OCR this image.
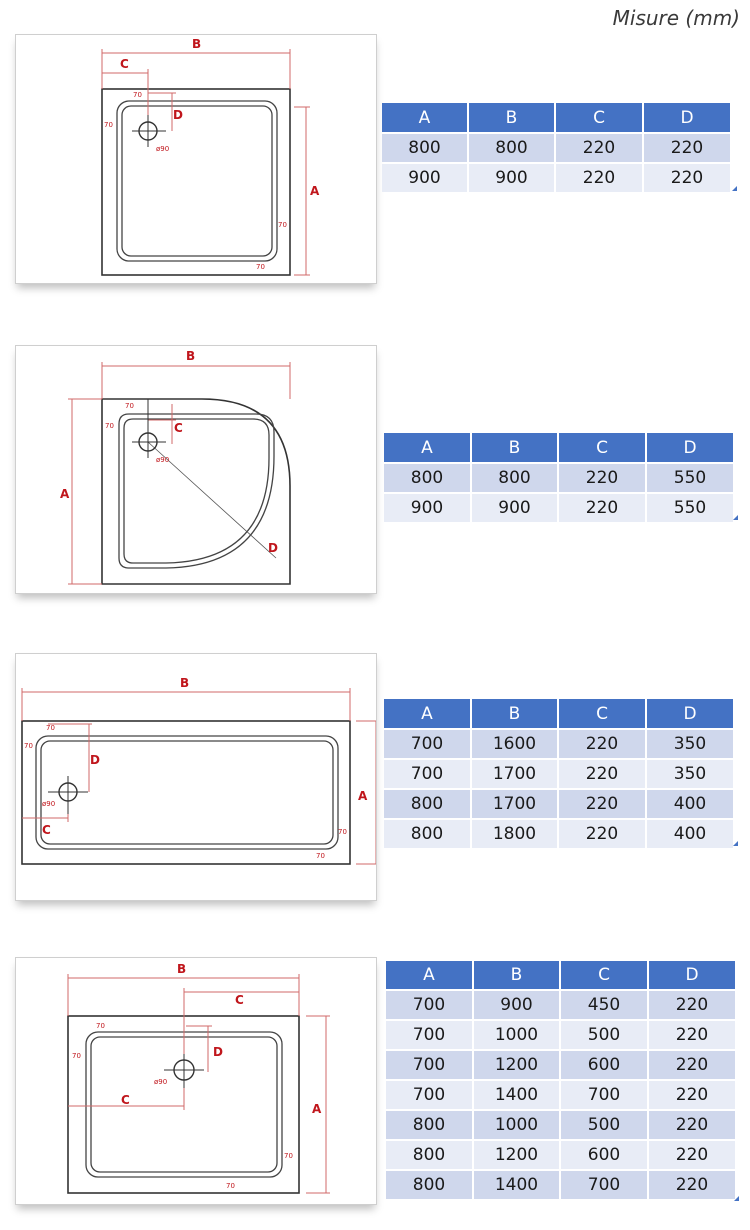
Misure (mm)
B
C
D
A
70
70
70
70
ø90
A	B	C	D
800	800	220	220
900	900	220	220
B
C
D
A
70
70
ø90
A	B	C	D
800	800	220	550
900	900	220	550
B
D
C
A
70
70
70
70
ø90
A	B	C	D
700	1600	220	350
700	1700	220	350
800	1700	220	400
800	1800	220	400
B
C
C
D
A
70
70
70
70
ø90
A	B	C	D
700	900	450	220
700	1000	500	220
700	1200	600	220
700	1400	700	220
800	1000	500	220
800	1200	600	220
800	1400	700	220
